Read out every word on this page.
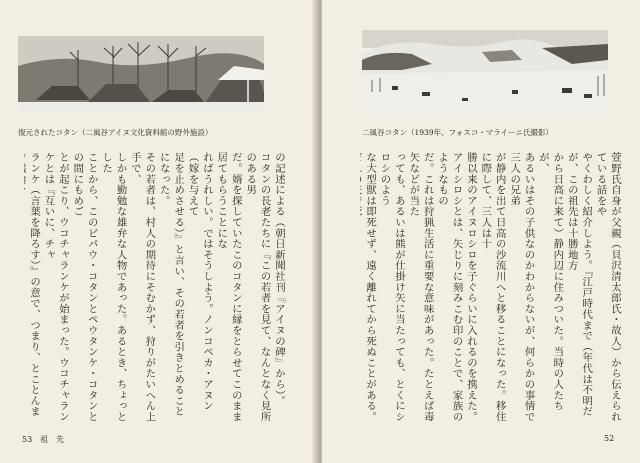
復元されたコタン（二風谷アイヌ文化資料館の野外施設）
の記述による（朝日新聞社刊『アイヌの碑』から）。
コタンの長老たちに『この若者を見て、なんとなく見所のある男
だ。婿を探していたこのコタンに縁をとらせてこのまま居てもらうことにな
ればうれしい。ではそうしよう。ノンコペカ・アヌン（嫁を与えて
足を止めさせる）』と言い、その若者を引きとめることになった。
その若者は、村人の期待にそむかず、狩りがたいへん上手で、
しかも勤勉な雄弁な人物であった。あるとき、ちょっとした
ことから、このビパウ・コタンとペウタンケ・コタンとの間にもめご
とが起こり、ウコチャランケが始まった。ウコチャランケとは『互いに、チャ
ランケ（言葉を降ろす）』の意で、つまり、とことんま
53　祖　先
二風谷コタン（1939年、フォスコ・マライーニ氏撮影）
萱野氏自身が父親（貝沢清太郎氏・故人）から伝えられている話をや
やくわしく紹介しよう。『江戸時代まで（年代は不明だが、この祖先は十勝地方
から日高に来て）静内辺に住みついた。当時の人たちが、
あるいはその子供なのかわからないが、何らかの事情で三人の兄弟
が静内を出て日高の沙流川へと移ることになった。移住に際して、三人は十
勝以来のアイヌロシロを子ぐらいに入れるのを携えた。
アイシロシとは、矢じりに刻みこむ印のことで、家族のようなもの
だ。これは狩猟生活に重要な意味があった。たとえば毒矢などが当た
っても、あるいは熊が仕掛け矢に当たっても、とくにシロシのよう
な大型獣は即死せず、遠く離れてから死ぬことがある。
52
